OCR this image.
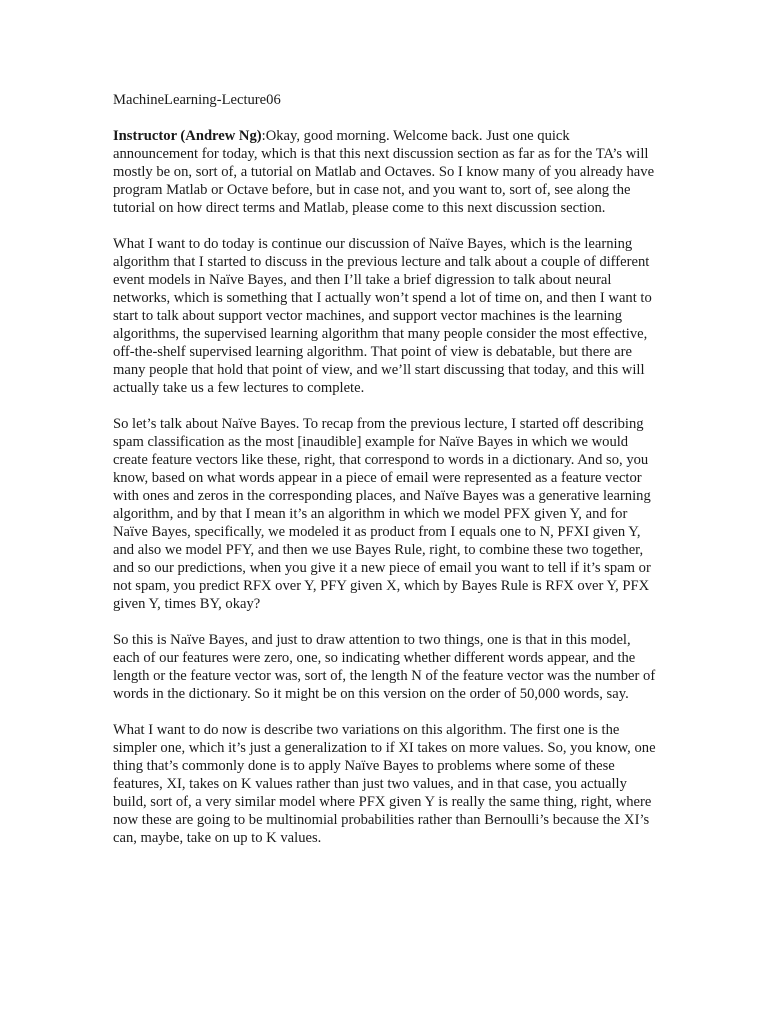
MachineLearning-Lecture06

Instructor (Andrew Ng):Okay, good morning. Welcome back. Just one quick announcement for today, which is that this next discussion section as far as for the TA’s will mostly be on, sort of, a tutorial on Matlab and Octaves. So I know many of you already have program Matlab or Octave before, but in case not, and you want to, sort of, see along the tutorial on how direct terms and Matlab, please come to this next discussion section.

What I want to do today is continue our discussion of Naïve Bayes, which is the learning algorithm that I started to discuss in the previous lecture and talk about a couple of different event models in Naïve Bayes, and then I’ll take a brief digression to talk about neural networks, which is something that I actually won’t spend a lot of time on, and then I want to start to talk about support vector machines, and support vector machines is the learning algorithms, the supervised learning algorithm that many people consider the most effective, off-the-shelf supervised learning algorithm. That point of view is debatable, but there are many people that hold that point of view, and we’ll start discussing that today, and this will actually take us a few lectures to complete.

So let’s talk about Naïve Bayes. To recap from the previous lecture, I started off describing spam classification as the most [inaudible] example for Naïve Bayes in which we would create feature vectors like these, right, that correspond to words in a dictionary. And so, you know, based on what words appear in a piece of email were represented as a feature vector with ones and zeros in the corresponding places, and Naïve Bayes was a generative learning algorithm, and by that I mean it’s an algorithm in which we model PFX given Y, and for Naïve Bayes, specifically, we modeled it as product from I equals one to N, PFXI given Y, and also we model PFY, and then we use Bayes Rule, right, to combine these two together, and so our predictions, when you give it a new piece of email you want to tell if it’s spam or not spam, you predict RFX over Y, PFY given X, which by Bayes Rule is RFX over Y, PFX given Y, times BY, okay?

So this is Naïve Bayes, and just to draw attention to two things, one is that in this model, each of our features were zero, one, so indicating whether different words appear, and the length or the feature vector was, sort of, the length N of the feature vector was the number of words in the dictionary. So it might be on this version on the order of 50,000 words, say.

What I want to do now is describe two variations on this algorithm. The first one is the simpler one, which it’s just a generalization to if XI takes on more values. So, you know, one thing that’s commonly done is to apply Naïve Bayes to problems where some of these features, XI, takes on K values rather than just two values, and in that case, you actually build, sort of, a very similar model where PFX given Y is really the same thing, right, where now these are going to be multinomial probabilities rather than Bernoulli’s because the XI’s can, maybe, take on up to K values.
